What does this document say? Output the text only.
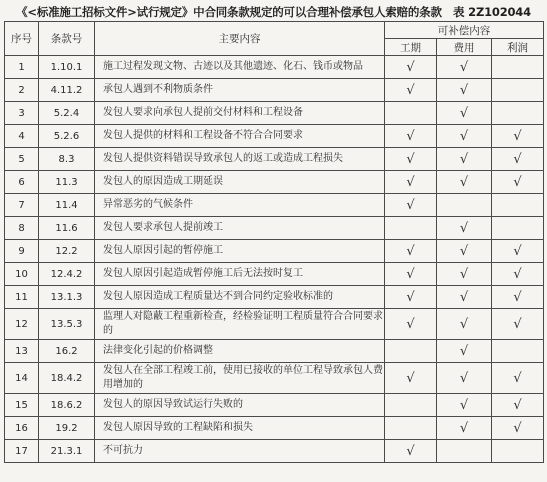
《<标准施工招标文件>试行规定》中合同条款规定的可以合理补偿承包人索赔的条款　表 2Z102044
序号	条款号	主要内容	可补偿内容		
			工期	费用	利润
1	1.10.1	施工过程发现文物、古迹以及其他遗迹、化石、钱币或物品	√	√	
2	4.11.2	承包人遇到不利物质条件	√	√	
3	5.2.4	发包人要求向承包人提前交付材料和工程设备		√	
4	5.2.6	发包人提供的材料和工程设备不符合合同要求	√	√	√
5	8.3	发包人提供资料错误导致承包人的返工或造成工程损失	√	√	√
6	11.3	发包人的原因造成工期延误	√	√	√
7	11.4	异常恶劣的气候条件	√		
8	11.6	发包人要求承包人提前竣工		√	
9	12.2	发包人原因引起的暂停施工	√	√	√
10	12.4.2	发包人原因引起造成暂停施工后无法按时复工	√	√	√
11	13.1.3	发包人原因造成工程质量达不到合同约定验收标准的	√	√	√
12	13.5.3	监理人对隐蔽工程重新检查，经检验证明工程质量符合合同要求的	√	√	√
13	16.2	法律变化引起的价格调整		√	
14	18.4.2	发包人在全部工程竣工前，使用已接收的单位工程导致承包人费用增加的	√	√	√
15	18.6.2	发包人的原因导致试运行失败的		√	√
16	19.2	发包人原因导致的工程缺陷和损失		√	√
17	21.3.1	不可抗力	√		
